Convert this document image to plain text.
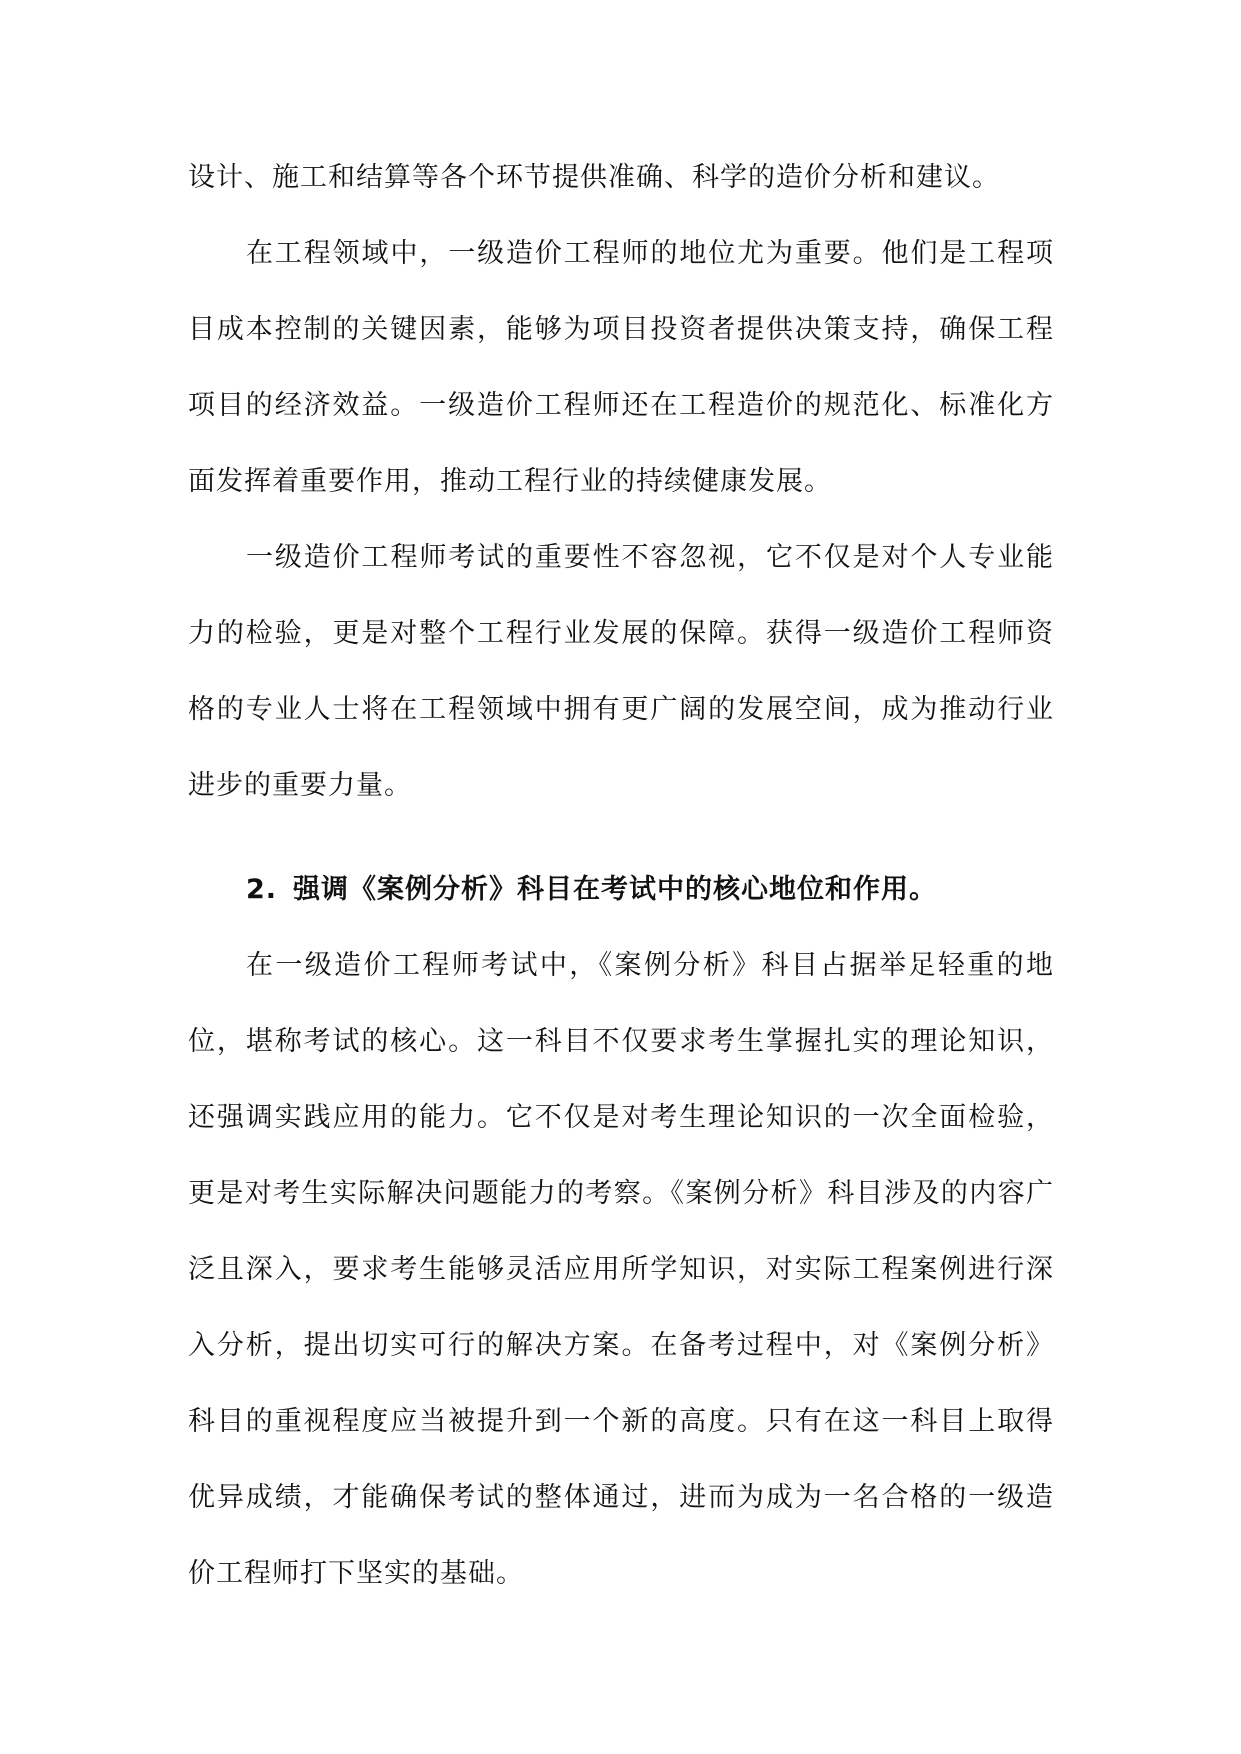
设计、施工和结算等各个环节提供准确、科学的造价分析和建议。

在工程领域中，一级造价工程师的地位尤为重要。他们是工程项目成本控制的关键因素，能够为项目投资者提供决策支持，确保工程项目的经济效益。一级造价工程师还在工程造价的规范化、标准化方面发挥着重要作用，推动工程行业的持续健康发展。

一级造价工程师考试的重要性不容忽视，它不仅是对个人专业能力的检验，更是对整个工程行业发展的保障。获得一级造价工程师资格的专业人士将在工程领域中拥有更广阔的发展空间，成为推动行业进步的重要力量。

2. 强调《案例分析》科目在考试中的核心地位和作用。

在一级造价工程师考试中，《案例分析》科目占据举足轻重的地位，堪称考试的核心。这一科目不仅要求考生掌握扎实的理论知识，还强调实践应用的能力。它不仅是对考生理论知识的一次全面检验，更是对考生实际解决问题能力的考察。《案例分析》科目涉及的内容广泛且深入，要求考生能够灵活应用所学知识，对实际工程案例进行深入分析，提出切实可行的解决方案。在备考过程中，对《案例分析》科目的重视程度应当被提升到一个新的高度。只有在这一科目上取得优异成绩，才能确保考试的整体通过，进而为成为一名合格的一级造价工程师打下坚实的基础。
